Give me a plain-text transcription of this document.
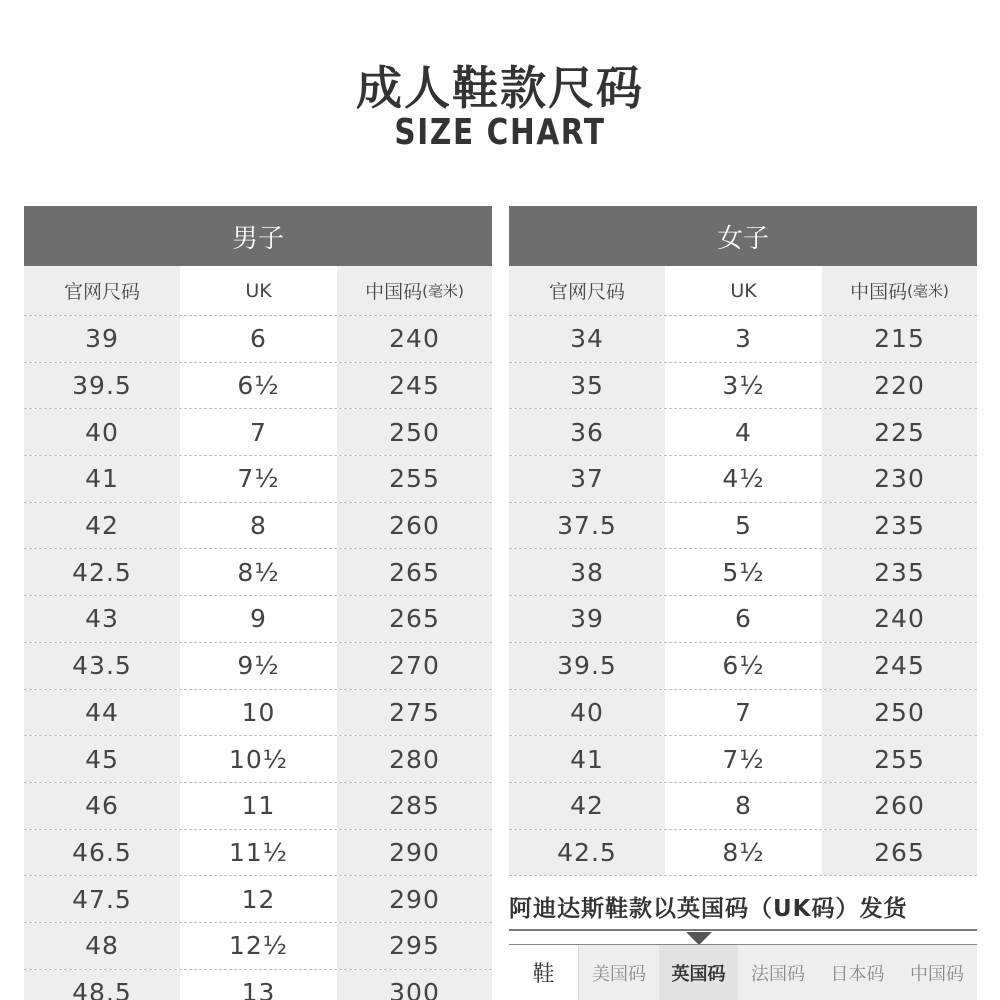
成人鞋款尺码
SIZE CHART
男子
官网尺码	UK	中国码 (毫米)
39	6	240
39.5	6½	245
40	7	250
41	7½	255
42	8	260
42.5	8½	265
43	9	265
43.5	9½	270
44	10	275
45	10½	280
46	11	285
46.5	11½	290
47.5	12	290
48	12½	295
48.5	13	300
女子
官网尺码	UK	中国码 (毫米)
34	3	215
35	3½	220
36	4	225
37	4½	230
37.5	5	235
38	5½	235
39	6	240
39.5	6½	245
40	7	250
41	7½	255
42	8	260
42.5	8½	265
阿迪达斯鞋款以英国码（UK码）发货
鞋	美国码	英国码	法国码	日本码	中国码
